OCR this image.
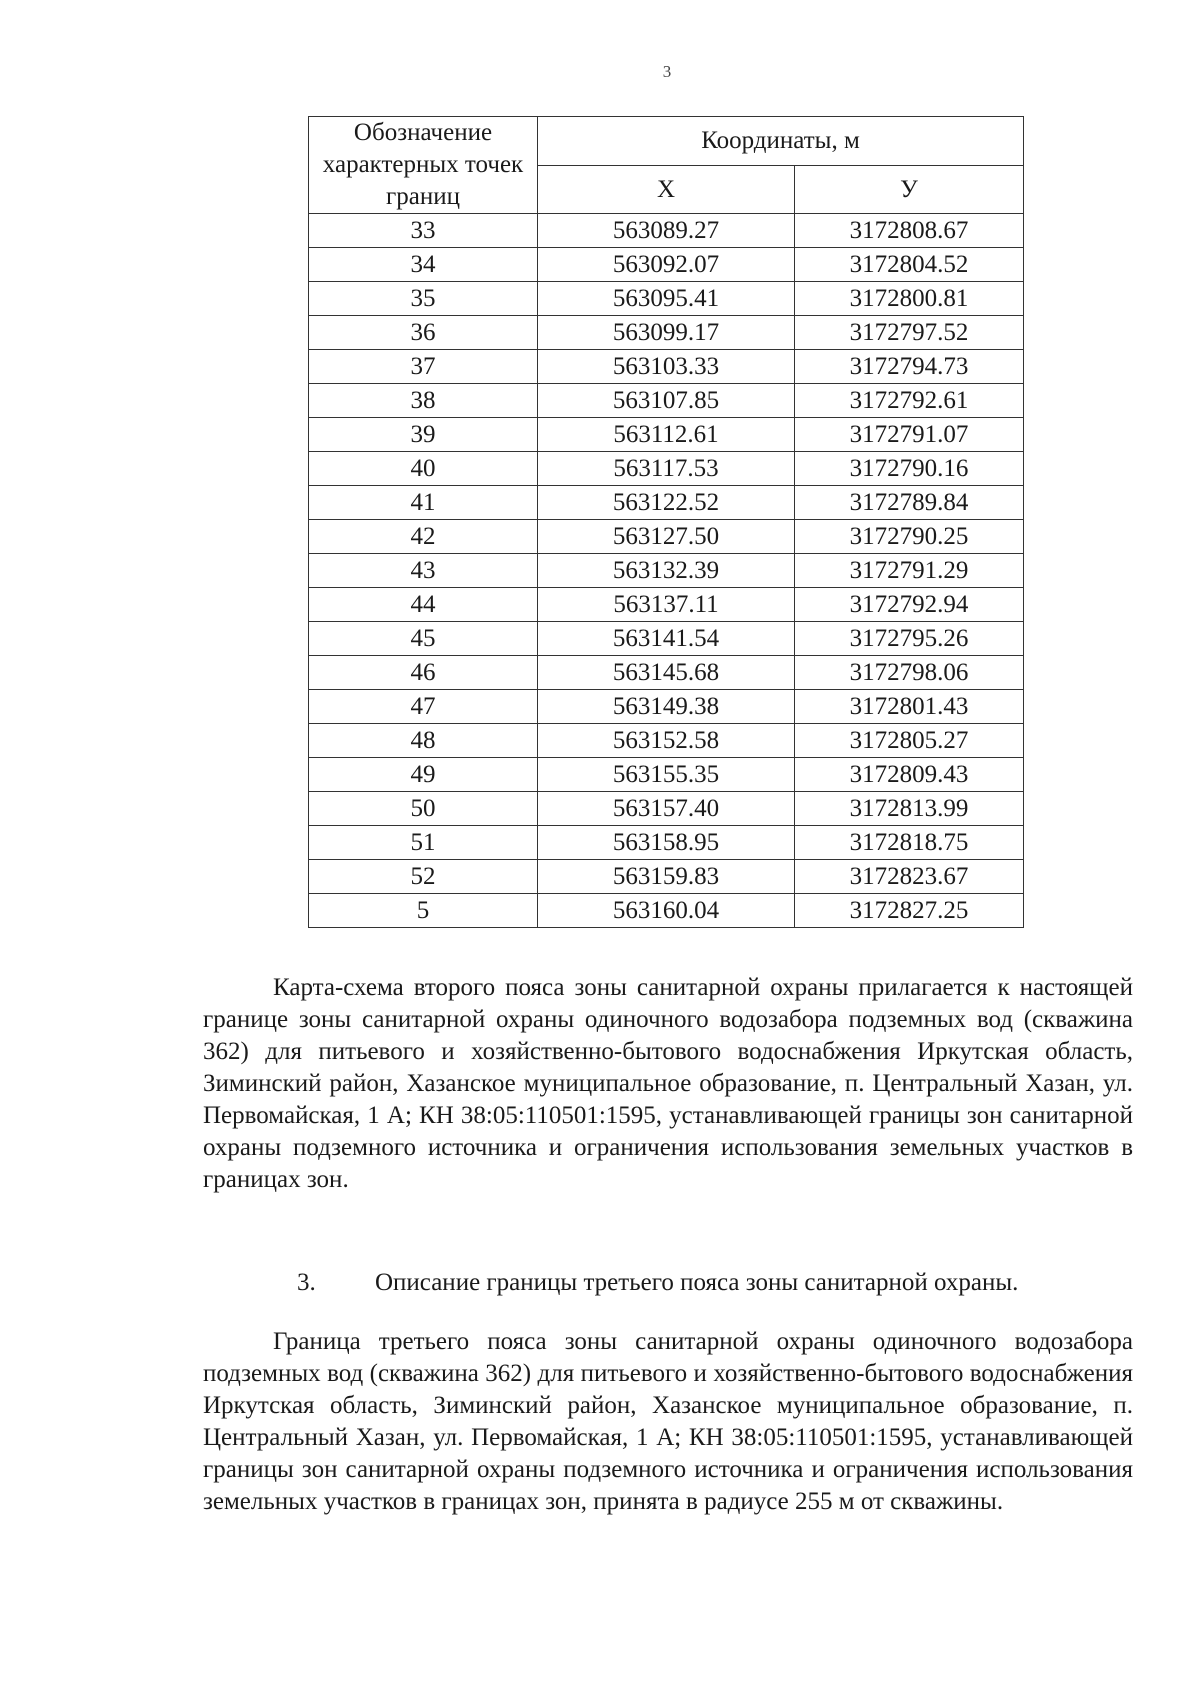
3
Обозначение характерных точек границ	Координаты, м	
	X	У
33	563089.27	3172808.67
34	563092.07	3172804.52
35	563095.41	3172800.81
36	563099.17	3172797.52
37	563103.33	3172794.73
38	563107.85	3172792.61
39	563112.61	3172791.07
40	563117.53	3172790.16
41	563122.52	3172789.84
42	563127.50	3172790.25
43	563132.39	3172791.29
44	563137.11	3172792.94
45	563141.54	3172795.26
46	563145.68	3172798.06
47	563149.38	3172801.43
48	563152.58	3172805.27
49	563155.35	3172809.43
50	563157.40	3172813.99
51	563158.95	3172818.75
52	563159.83	3172823.67
5	563160.04	3172827.25

Карта-схема второго пояса зоны санитарной охраны прилагается к настоящей границе зоны санитарной охраны одиночного водозабора подземных вод (скважина 362) для питьевого и хозяйственно-бытового водоснабжения Иркутская область, Зиминский район, Хазанское муниципальное образование, п. Центральный Хазан, ул. Первомайская, 1 А; КН 38:05:110501:1595, устанавливающей границы зон санитарной охраны подземного источника и ограничения использования земельных участков в границах зон.

3. Описание границы третьего пояса зоны санитарной охраны.

Граница третьего пояса зоны санитарной охраны одиночного водозабора подземных вод (скважина 362) для питьевого и хозяйственно-бытового водоснабжения Иркутская область, Зиминский район, Хазанское муниципальное образование, п. Центральный Хазан, ул. Первомайская, 1 А; КН 38:05:110501:1595, устанавливающей границы зон санитарной охраны подземного источника и ограничения использования земельных участков в границах зон, принята в радиусе 255 м от скважины.
